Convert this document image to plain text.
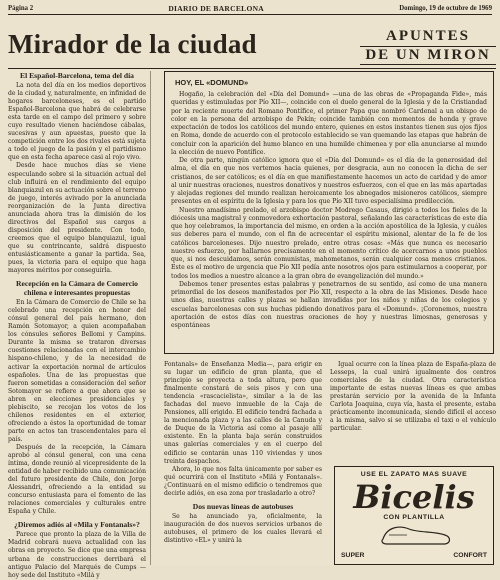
Página 2	DIARIO DE BARCELONA	Domingo, 19 de octubre de 1969
Mirador de la ciudad	APUNTES
DE UN MIRON
El Español-Barcelona, tema del día

La nota del día en los medios deportivos de la ciudad y, naturalmente, en infinidad de hogares barceloneses, es el partido Español-Barcelona que habrá de celebrarse esta tarde en el campo del primero y sobre cuyo resultado vienen haciéndose cábalas, sucesivas y aun apuestas, puesto que la competición entre los dos rivales está sujeta a todo el juego de la pasión y el partidismo que en esta fecha aparece casi al rojo vivo.

Desde hace muchos días se viene especulando sobre si la situación actual del club influirá en el rendimiento del equipo blanquiazul en su actuación sobre el terreno de juego, interés avivado por la anunciada reorganización de la Junta directiva anunciada ahora tras la dimisión de los directivos del Español sus cargos a disposición del presidente. Con todo, creemos que el equipo blanquiazul, igual que su contrincante, saldrá dispuesto entusiásticamente a ganar la partida. Sea, pues, la victoria para el equipo que haga mayores méritos por conseguirla.

Recepción en la Cámara de Comercio chilena e interesantes propuestas

En la Cámara de Comercio de Chile se ha celebrado una recepción en honor del cónsul general del país hermano, don Ramón Sotomayor, a quien acompañaban los cónsules señores Bellomi y Campins. Durante la misma se trataron diversas cuestiones relacionadas con el intercambio hispano-chileno, y de la necesidad de activar la exportación normal de artículos españoles. Una de las propuestas que fueron sometidas a consideración del señor Sotomayor se refiere a que ahora que se abren en elecciones presidenciales y plebiscito, se recojan los votos de los chilenos residentes en el exterior, ofreciendo a éstos la oportunidad de tomar parte en actos tan trascendentales para el país.

Después de la recepción, la Cámara aprobó al cónsul general, con una cena íntima, donde reunió al vicepresidente de la entidad de haber recibido una comunicación del futuro presidente de Chile, don Jorge Alessandri, ofreciendo a la entidad su concurso entusiasta para el fomento de las relaciones comerciales y culturales entre España y Chile.

¿Diremos adiós al «Mila y Fontanals»?

Parece que pronto la plaza de la Villa de Madrid cobrará nueva actualidad con las obras en proyecto. Se dice que una empresa urbana de construcciones derribará el antiguo Palacio del Marqués de Cumps —hoy sede del Instituto «Milá y

HOY, EL «DOMUND»

Hogaño, la celebración del «Día del Domund» —una de las obras de «Propaganda Fide», más queridas y estimuladas por Pío XII—, coincide con el duelo general de la Iglesia y de la Cristiandad por la reciente muerte del Romano Pontífice, el primer Papa que nombró Cardenal a un obispo de color en la persona del arzobispo de Pekín; coincide también con momentos de honda y grave expectación de todos los católicos del mundo entero, quienes en estos instantes tienen sus ojos fijos en Roma, donde de acuerdo con el protocolo establecido se van quemando las etapas que habrán de concluir con la aparición del humo blanco en una humilde chimenea y por ella anunciarse al mundo la elección de nuevo Pontífice.

De otra parte, ningún católico ignora que el «Día del Domund» es el día de la generosidad del alma, el día en que nos vertemos hacia quienes, por desgracia, aun no conocen la dicha de ser cristianos, de ser católicos; es el día en que manifiestamente hacemos un acto de caridad y de amor al unir nuestras oraciones, nuestros donativos y nuestros esfuerzos, con el que en las más apartadas y alejadas regiones del mundo realizan heroicamente los abnegados misioneros católicos, siempre presentes en el espíritu de la Iglesia y para los que Pío XII tuvo especialísima predilección.

Nuestro amadísimo prelado, el arzobispo doctor Modrego Casaus, dirigió a todos los fieles de la diócesis una magistral y conmovedora exhortación pastoral, señalando las características de este día que hoy celebramos, la importancia del mismo, en orden a la acción apostólica de la Iglesia, y cuáles sus deberes para el mundo, con el fin de acrecentar el espíritu misional, alentar de la fe de los católicos barceloneses. Dijo nuestro prelado, entre otras cosas: «Más que nunca es necesario nuestro esfuerzo, por hallarnos precisamente en el momento crítico de acercarnos a unos pueblos que, si nos descuidamos, serán comunistas, mahometanos, serán cualquier cosa menos cristianos. Este es el motivo de urgencia que Pío XII pedía ante nosotros ojos para estimularnos a cooperar, por todos los medios a nuestro alcance a la gran obra de evangelización del mundo.»

Debemos tener presentes estas palabras y penetrarnos de su sentido, así como de una manera primordial de los deseos manifestados por Pío XII, respecto a la obra de las Misiones. Desde hace unos días, nuestras calles y plazas se hallan invadidas por los niños y niñas de los colegios y escuelas barcelonesas con sus huchas pidiendo donativos para el «Domund». ¡Coronemos, nuestra aportación de estos días con nuestras oraciones de hoy y nuestras limosnas, generosas y espontáneas

Fontanals» de Enseñanza Media—, para erigir en su lugar un edificio de gran planta, que el principio se proyecta a toda altura, pero que finalmente constará de seis pisos y con una tendencia «rascacielista», similar a la de las fachadas del nuevo inmueble de la Caja de Pensiones, allí erigido. El edificio tendrá fachada a la mencionada plaza y a las calles de la Canuda y de Duque de la Victoria así como al pasaje allí existente. En la planta baja serán construidos unas galerías comerciales y en el cuerpo del edificio se contarán unas 110 viviendas y unos treinta despachos.

Ahora, lo que nos falta únicamente por saber es qué ocurrirá con el Instituto «Milá y Fontanals». ¿Continuará en el mismo edificio o tendremos que decirle adiós, en esa zona por trasladarlo a otro?

Dos nuevas líneas de autobuses

Se ha anunciado ya, oficialmente, la inauguración de dos nuevos servicios urbanos de autobuses, el primero de los cuales llevará el distintivo «EL» y unirá la

Igual ocurre con la línea plaza de España-plaza de Lesseps, la cual unirá igualmente dos centros comerciales de la ciudad. Otra característica importante de estas nuevas líneas es que ambas prestarán servicio por la avenida de la Infanta Carlota Joaquina, cuya vía, hasta el presente, estaba prácticamente incomunicada, siendo difícil el acceso a la misma, salvo si se utilizaba el taxi o el vehículo particular.

USE EL ZAPATO MAS SUAVE
Bicelis
CON PLANTILLA
SUPER	CONFORT
